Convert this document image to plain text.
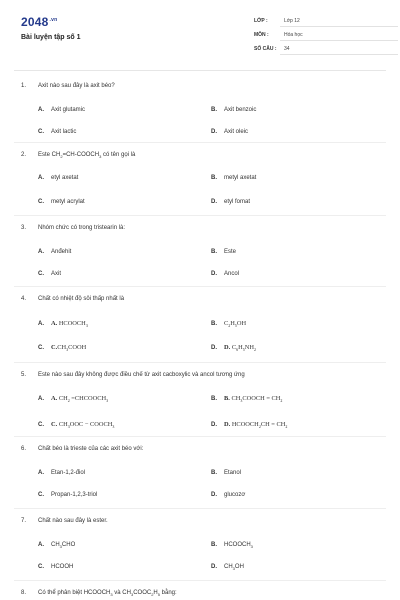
$2048^{.vn}$
Bài luyện tập số 1
LỚP :	Lớp 12
MÔN :	Hóa học
SỐ CÂU : 34
1. Axit nào sau đây là axit béo?
A. Axit glutamic	B. Axit benzoic
C. Axit lactic	D. Axit oleic
2. Este $CH_2=CH-COOCH_3$ có tên gọi là
A. etyl axetat	B. metyl axetat
C. metyl acrylat	D. etyl fomat
3. Nhóm chức có trong tristearin là:
A. Anđehit	B. Este
C. Axit	D. Ancol
4. Chất có nhiệt độ sôi thấp nhất là
A. A. $HCOOCH_3$	B. $C_2H_5OH$
C. $C.CH_3COOH$	D. D. $C_6H_5NH_2$
5. Este nào sau đây không được điều chế từ axit cacboxylic và ancol tương ứng
A. A. $CH_2$ $=CHCOOCH_3$	B. B. $CH_3COOCH = CH_2$
C. C. $CH_3OOC$ − $COOCH_3$	D. D. $HCOOCH_2CH = CH_2$
6. Chất béo là trieste của các axit béo với:
A. Etan-1,2-điol	B. Etanol
C. Propan-1,2,3-triol	D. glucozơ
7. Chất nào sau đây là ester.
A. $CH_3CHO$	B. $HCOOCH_3$
C. HCOOH	D. $CH_3OH$
8. Có thể phân biệt $HCOOCH_3$ và $CH_3COOC_2H_5$ bằng:
